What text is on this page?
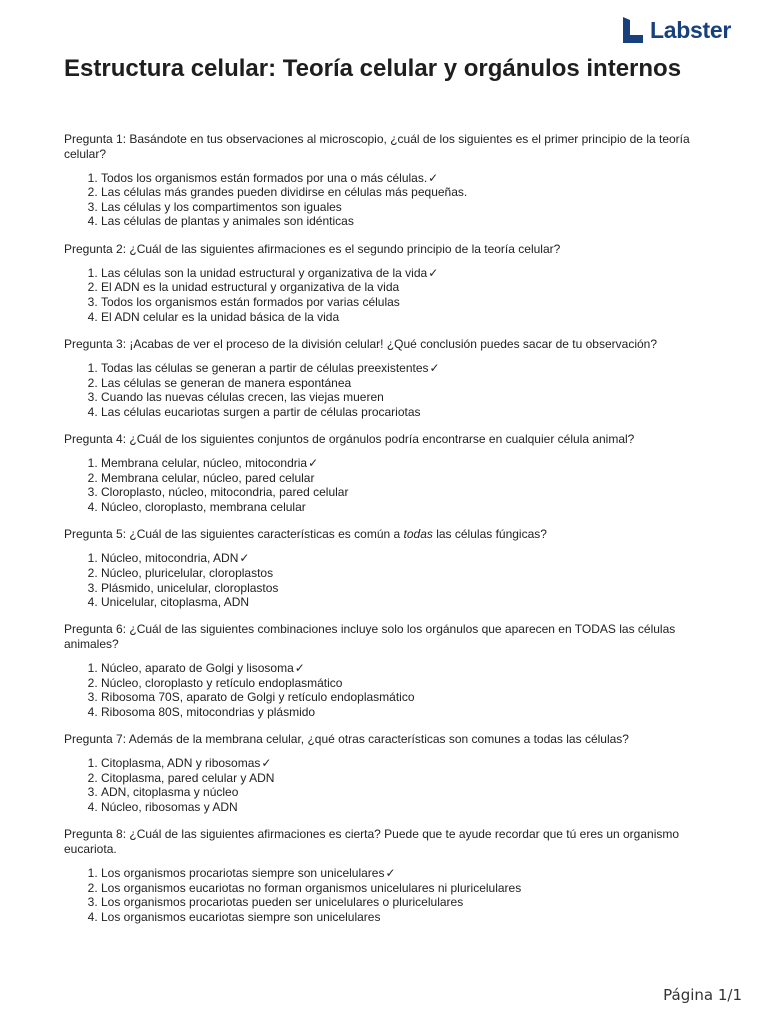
Labster
Estructura celular: Teoría celular y orgánulos internos

Pregunta 1: Basándote en tus observaciones al microscopio, ¿cuál de los siguientes es el primer principio de la teoría celular?

1. Todos los organismos están formados por una o más células.✓
2. Las células más grandes pueden dividirse en células más pequeñas.
3. Las células y los compartimentos son iguales
4. Las células de plantas y animales son idénticas

Pregunta 2: ¿Cuál de las siguientes afirmaciones es el segundo principio de la teoría celular?

1. Las células son la unidad estructural y organizativa de la vida✓
2. El ADN es la unidad estructural y organizativa de la vida
3. Todos los organismos están formados por varias células
4. El ADN celular es la unidad básica de la vida

Pregunta 3: ¡Acabas de ver el proceso de la división celular! ¿Qué conclusión puedes sacar de tu observación?

1. Todas las células se generan a partir de células preexistentes✓
2. Las células se generan de manera espontánea
3. Cuando las nuevas células crecen, las viejas mueren
4. Las células eucariotas surgen a partir de células procariotas

Pregunta 4: ¿Cuál de los siguientes conjuntos de orgánulos podría encontrarse en cualquier célula animal?

1. Membrana celular, núcleo, mitocondria✓
2. Membrana celular, núcleo, pared celular
3. Cloroplasto, núcleo, mitocondria, pared celular
4. Núcleo, cloroplasto, membrana celular

Pregunta 5: ¿Cuál de las siguientes características es común a todas las células fúngicas?

1. Núcleo, mitocondria, ADN✓
2. Núcleo, pluricelular, cloroplastos
3. Plásmido, unicelular, cloroplastos
4. Unicelular, citoplasma, ADN

Pregunta 6: ¿Cuál de las siguientes combinaciones incluye solo los orgánulos que aparecen en TODAS las células animales?

1. Núcleo, aparato de Golgi y lisosoma✓
2. Núcleo, cloroplasto y retículo endoplasmático
3. Ribosoma 70S, aparato de Golgi y retículo endoplasmático
4. Ribosoma 80S, mitocondrias y plásmido

Pregunta 7: Además de la membrana celular, ¿qué otras características son comunes a todas las células?

1. Citoplasma, ADN y ribosomas✓
2. Citoplasma, pared celular y ADN
3. ADN, citoplasma y núcleo
4. Núcleo, ribosomas y ADN

Pregunta 8: ¿Cuál de las siguientes afirmaciones es cierta? Puede que te ayude recordar que tú eres un organismo eucariota.

1. Los organismos procariotas siempre son unicelulares✓
2. Los organismos eucariotas no forman organismos unicelulares ni pluricelulares
3. Los organismos procariotas pueden ser unicelulares o pluricelulares
4. Los organismos eucariotas siempre son unicelulares
Página 1/1
